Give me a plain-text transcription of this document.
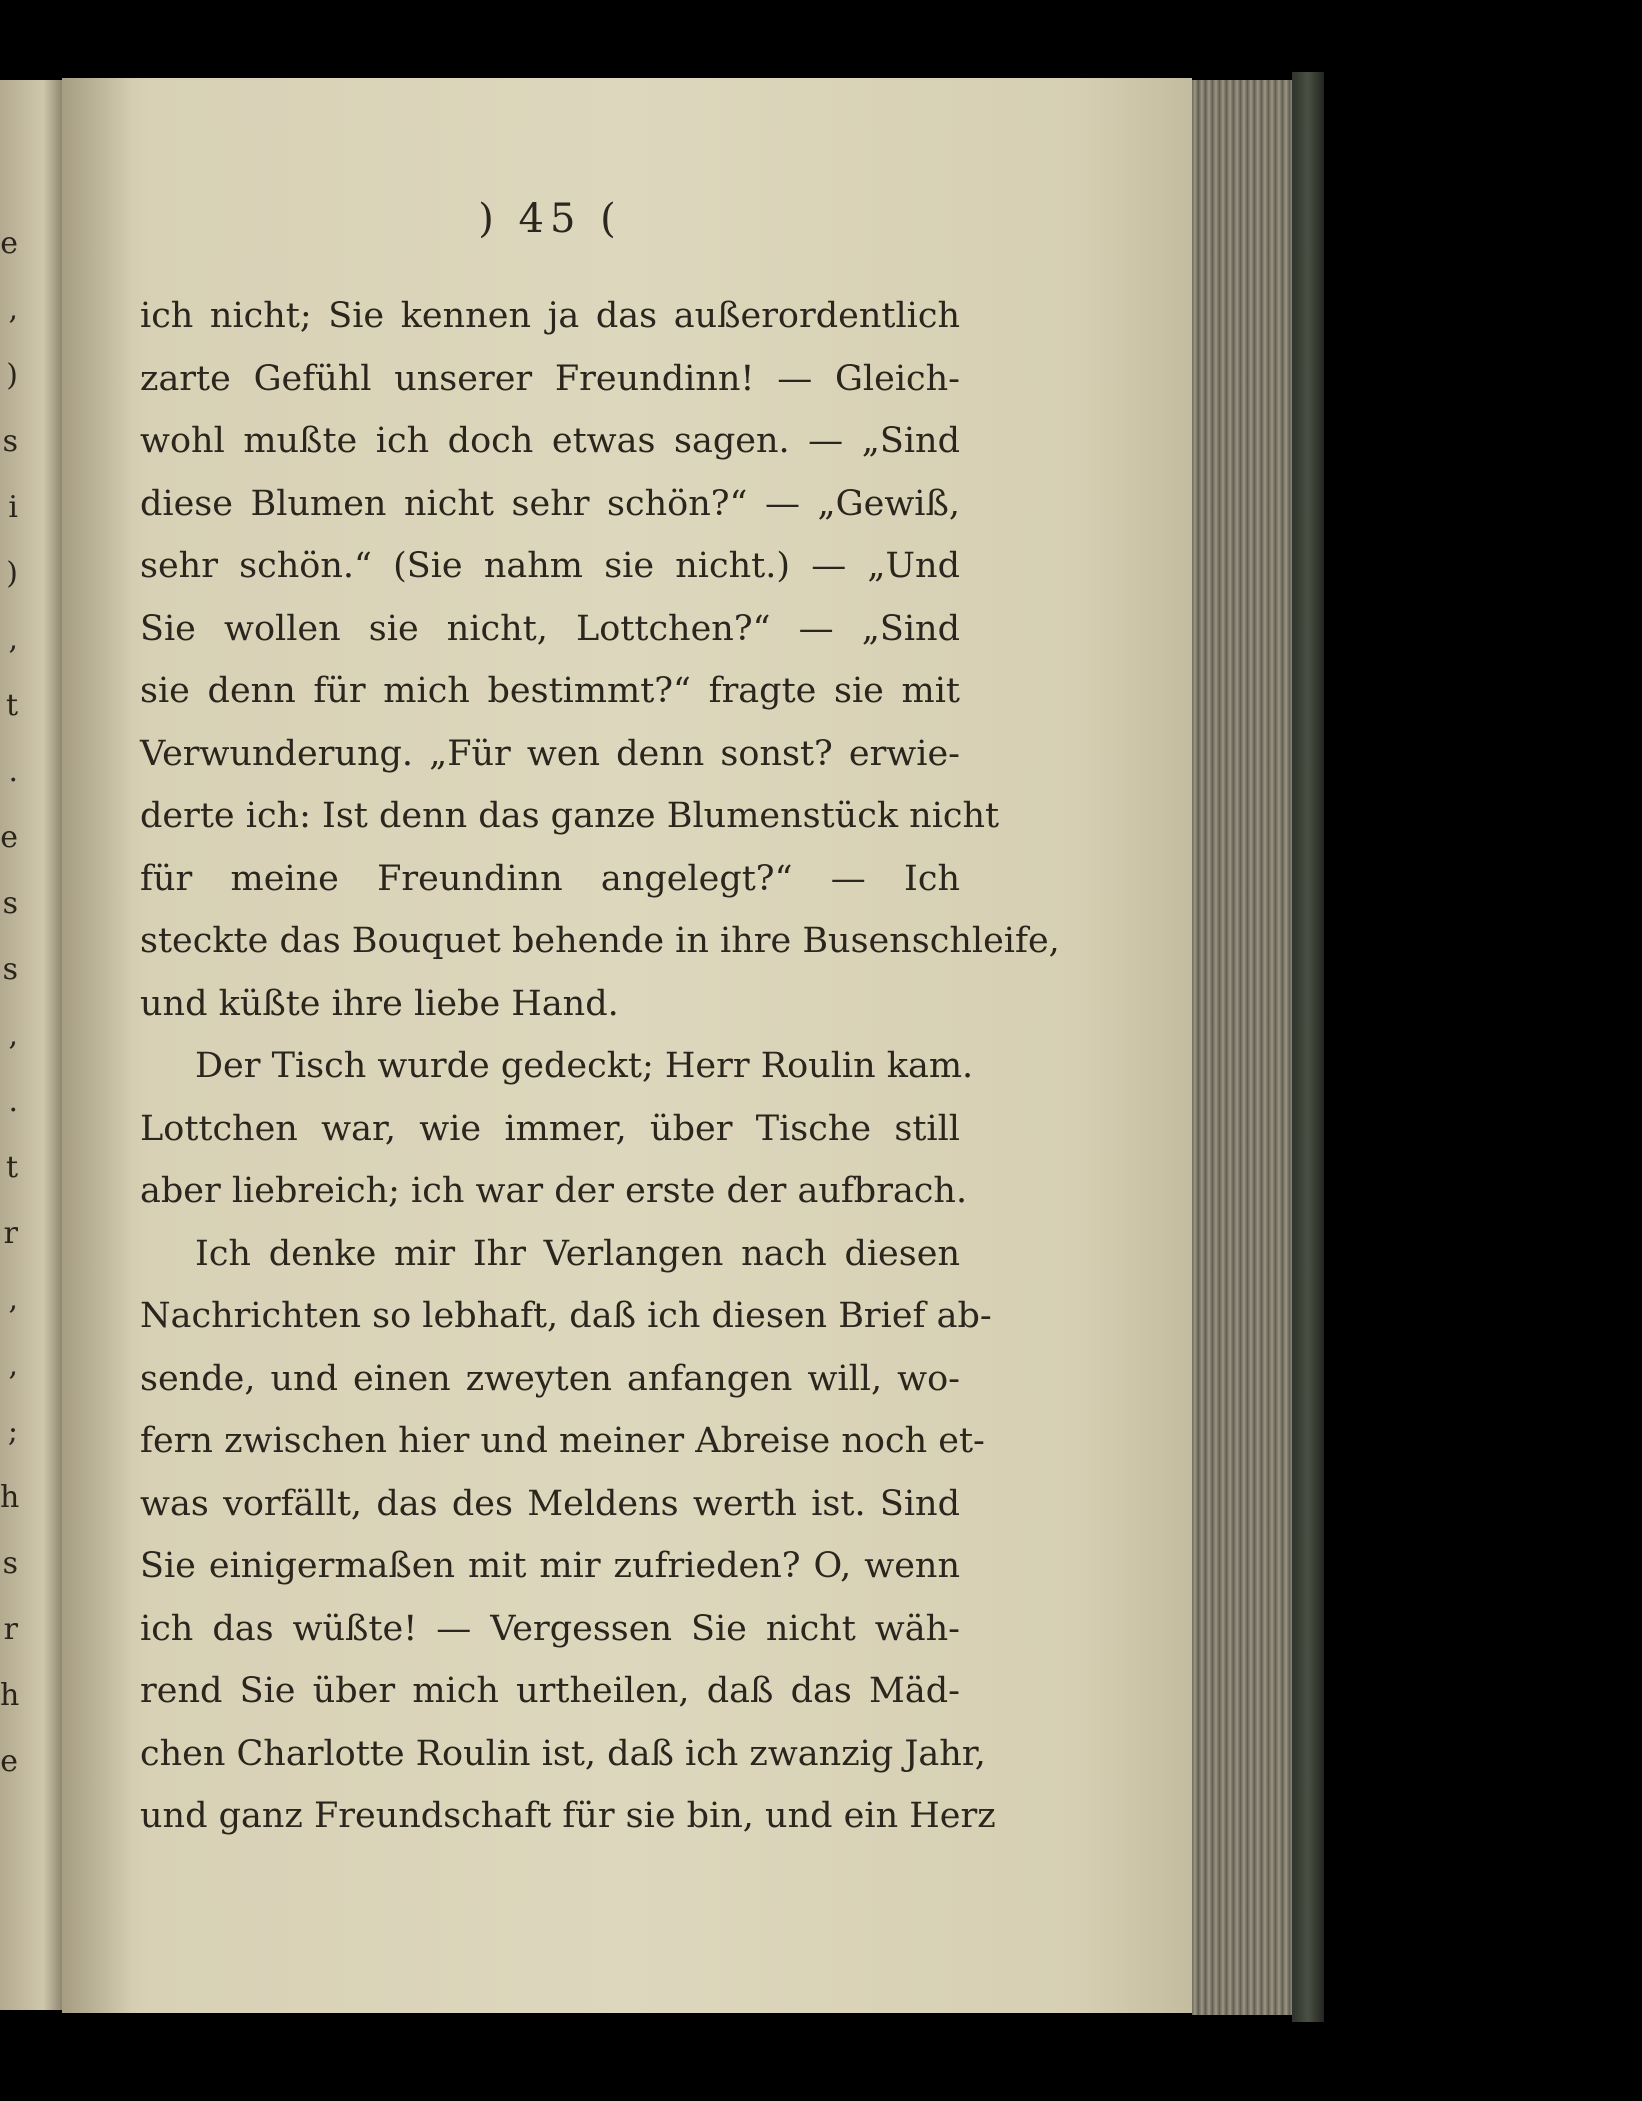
e
,
)
s
i
)
,
t
.
e
s
s
,
.
t
r
,
,
;
h
s
r
h
e
) 45 (
ich nicht; Sie kennen ja das außerordentlich
zarte Gefühl unserer Freundinn! — Gleich-
wohl mußte ich doch etwas sagen. — „Sind
diese Blumen nicht sehr schön?“ — „Gewiß,
sehr schön.“ (Sie nahm sie nicht.) — „Und
Sie wollen sie nicht, Lottchen?“ — „Sind
sie denn für mich bestimmt?“ fragte sie mit
Verwunderung. „Für wen denn sonst? erwie-
derte ich: Ist denn das ganze Blumenstück nicht
für meine Freundinn angelegt?“ — Ich
steckte das Bouquet behende in ihre Busenschleife,
und küßte ihre liebe Hand.
Der Tisch wurde gedeckt; Herr Roulin kam.
Lottchen war, wie immer, über Tische still
aber liebreich; ich war der erste der aufbrach.
Ich denke mir Ihr Verlangen nach diesen
Nachrichten so lebhaft, daß ich diesen Brief ab-
sende, und einen zweyten anfangen will, wo-
fern zwischen hier und meiner Abreise noch et-
was vorfällt, das des Meldens werth ist. Sind
Sie einigermaßen mit mir zufrieden? O, wenn
ich das wüßte! — Vergessen Sie nicht wäh-
rend Sie über mich urtheilen, daß das Mäd-
chen Charlotte Roulin ist, daß ich zwanzig Jahr,
und ganz Freundschaft für sie bin, und ein Herz
